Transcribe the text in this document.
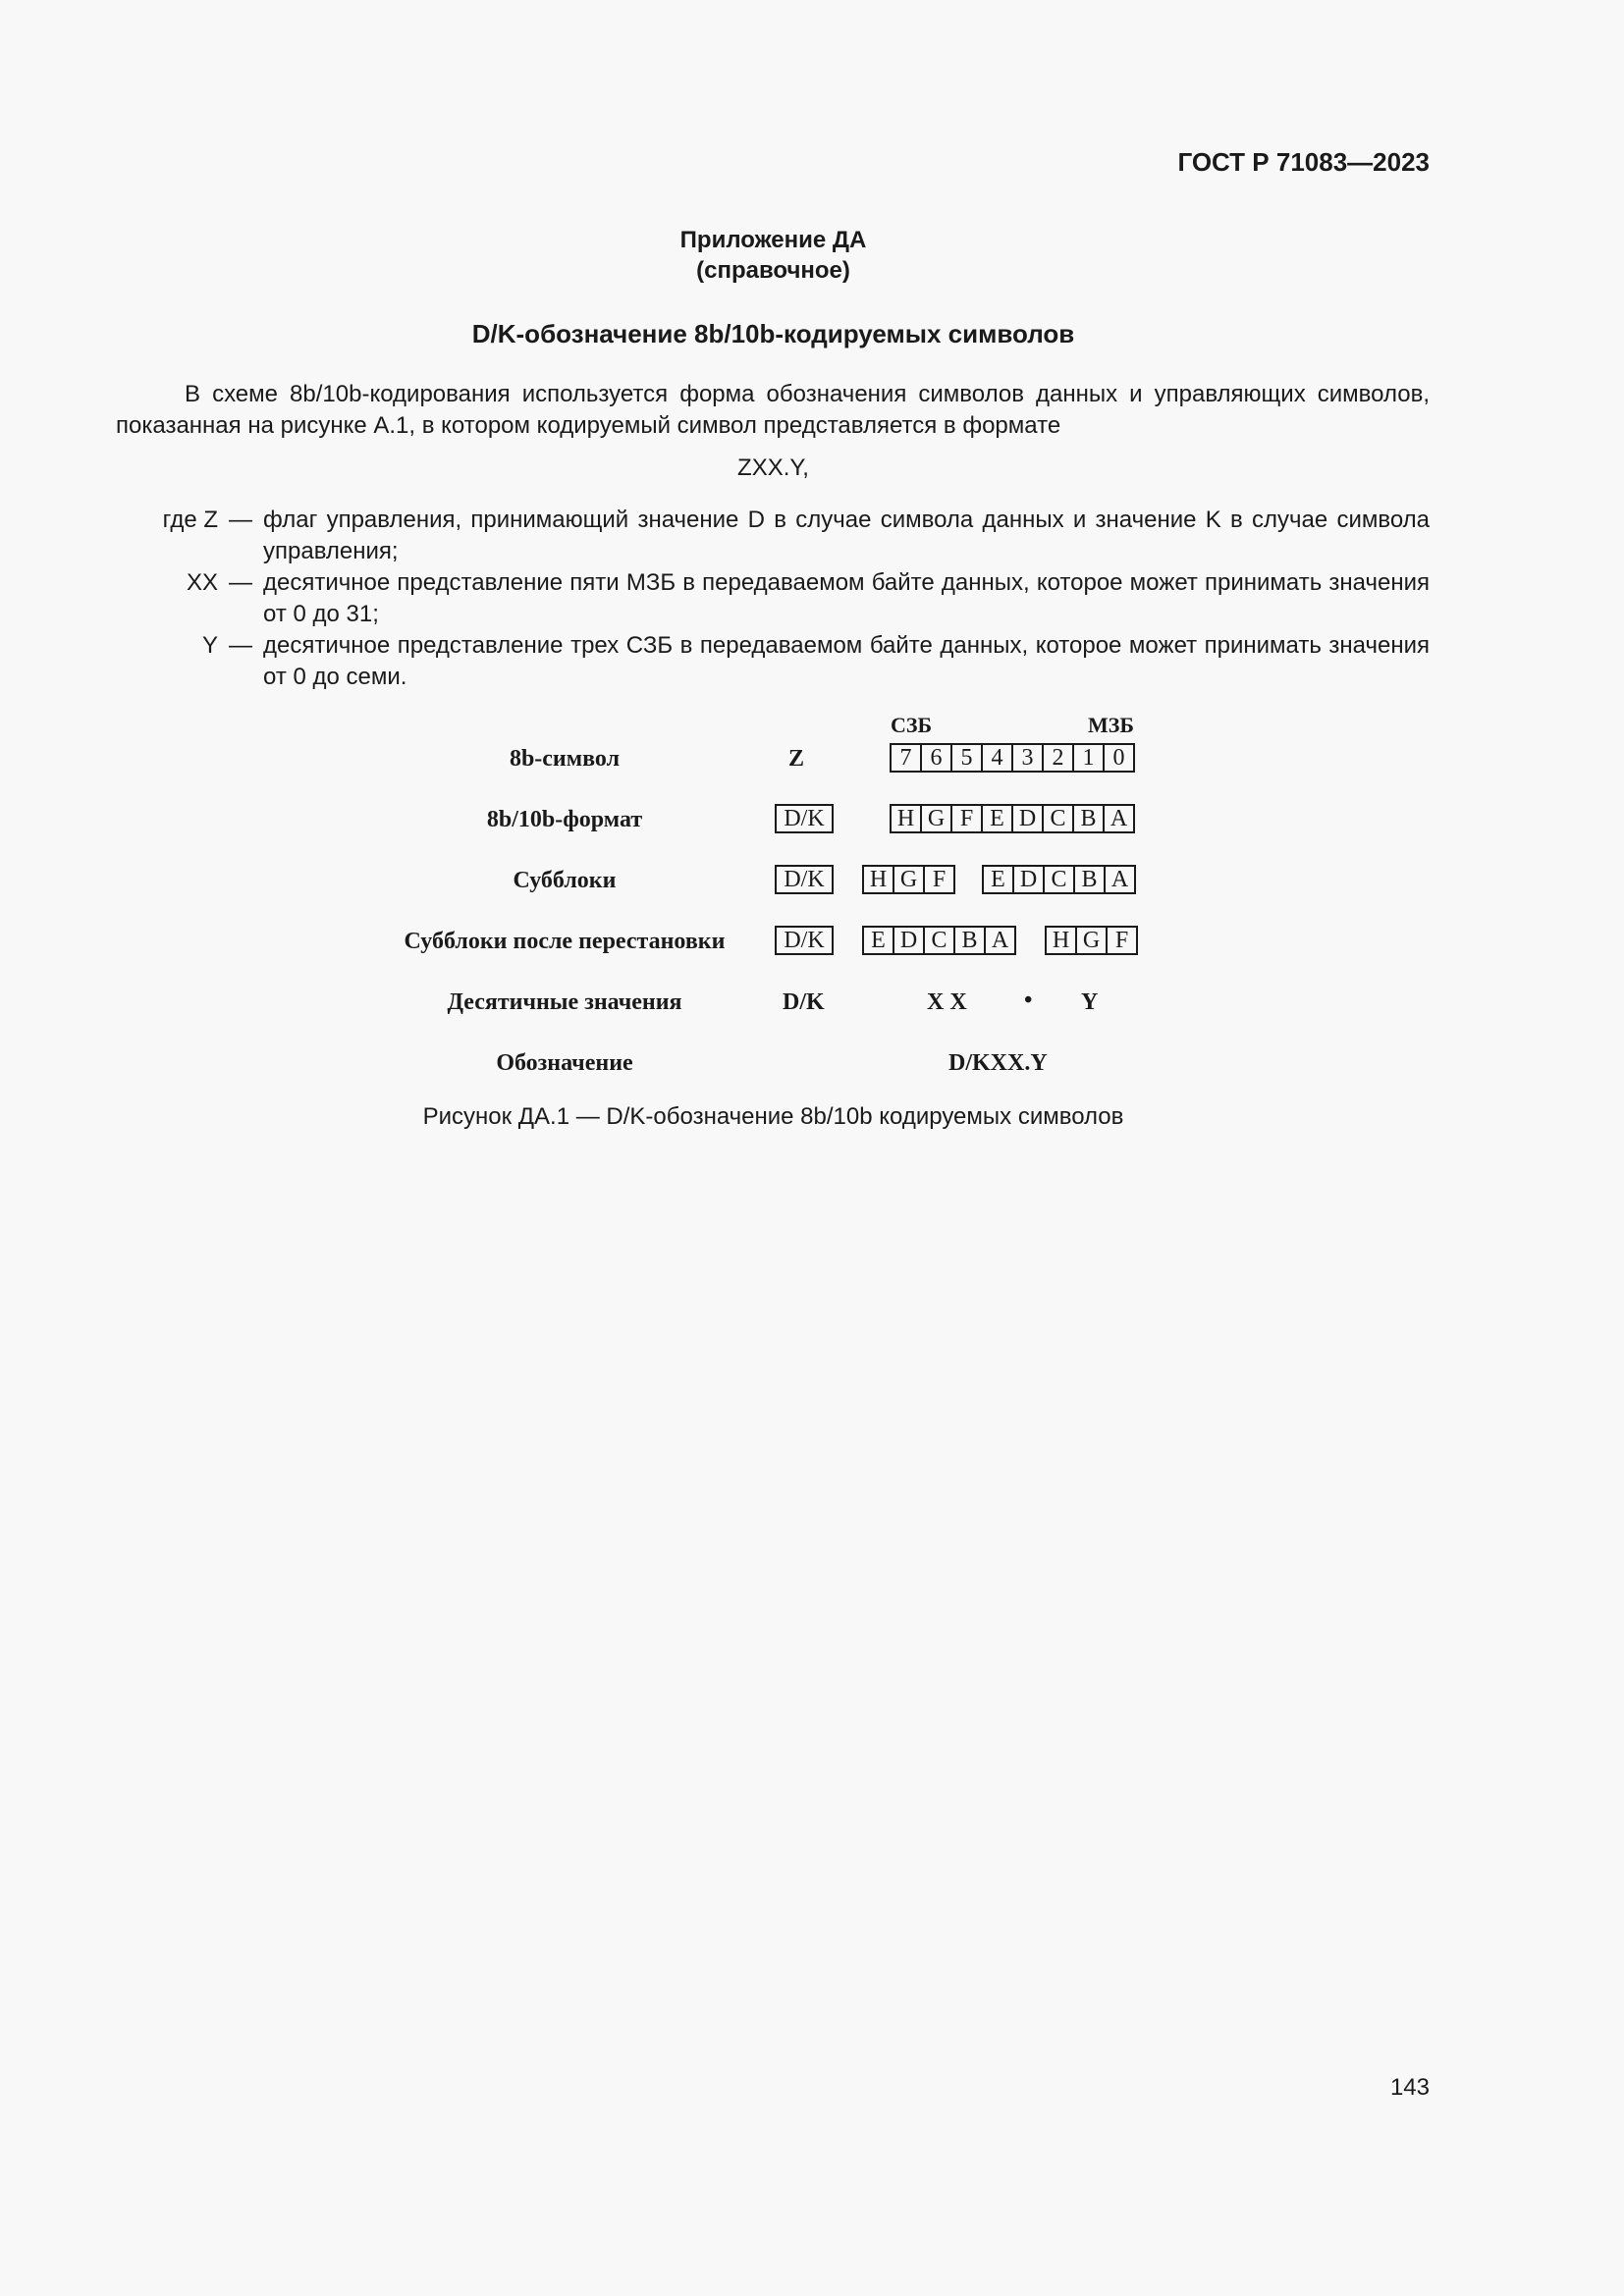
ГОСТ Р 71083—2023
Приложение ДА
(справочное)
D/K-обозначение 8b/10b-кодируемых символов
В схеме 8b/10b-кодирования используется форма обозначения символов данных и управляющих символов, показанная на рисунке А.1, в котором кодируемый символ представляется в формате
ZXX.Y,
где Z — флаг управления, принимающий значение D в случае символа данных и значение K в случае символа управления;
XX — десятичное представление пяти МЗБ в передаваемом байте данных, которое может принимать значения от 0 до 31;
Y — десятичное представление трех СЗБ в передаваемом байте данных, которое может принимать значения от 0 до семи.
СЗБ	МЗБ
8b-символ	Z	7 6 5 4 3 2 1 0
8b/10b-формат	D/K	H G F E D C B A
Субблоки	D/K	H G F	E D C B A
Субблоки после перестановки	D/K	E D C B A	H G F
Десятичные значения	D/K	X X • Y
Обозначение	D/KXX.Y
Рисунок ДА.1 — D/K-обозначение 8b/10b кодируемых символов
143
